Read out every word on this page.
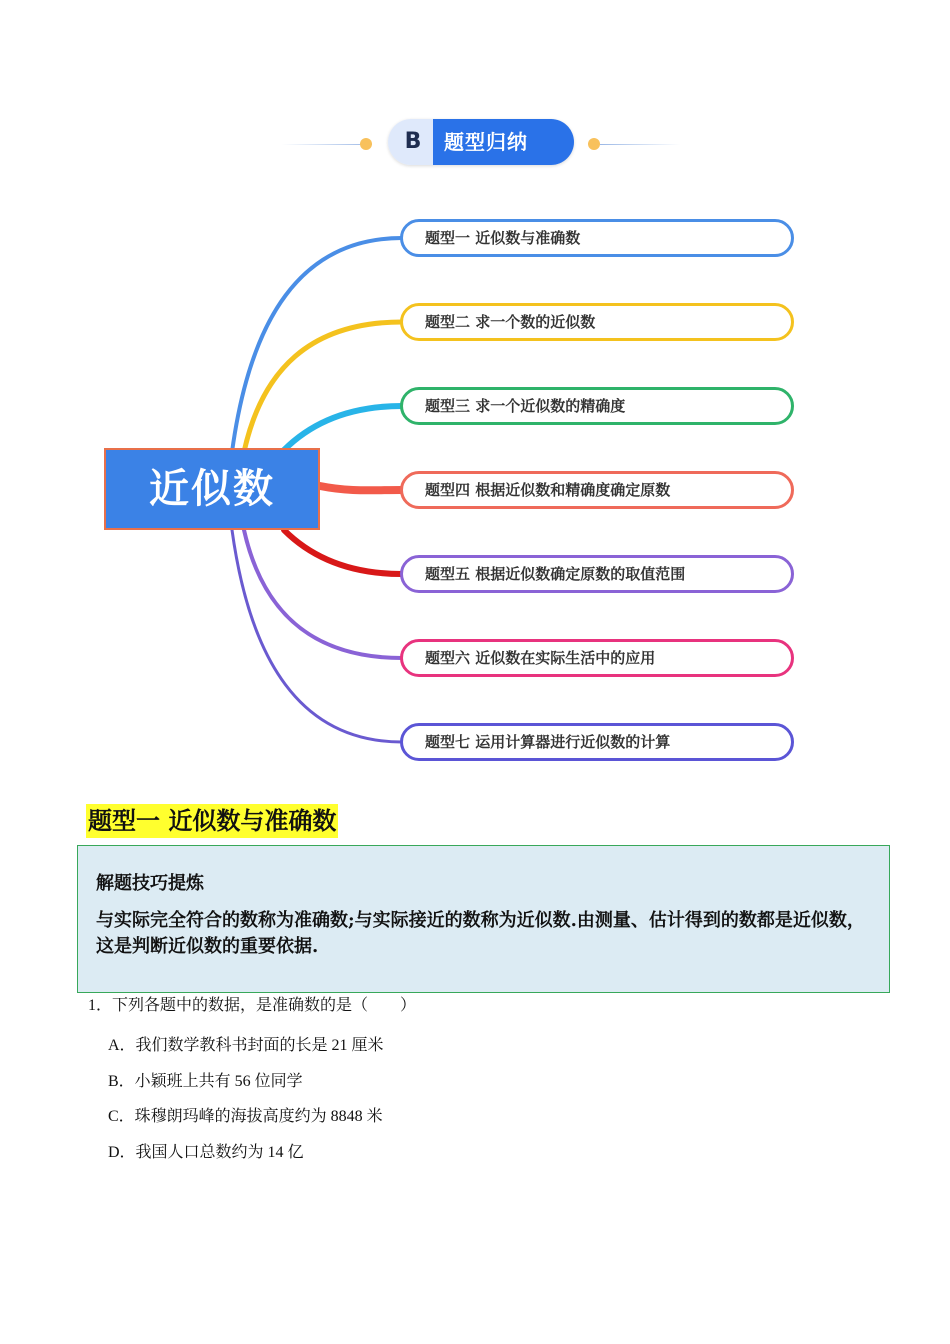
B	题型归纳
近似数
题型一 近似数与准确数
题型二 求一个数的近似数
题型三 求一个近似数的精确度
题型四 根据近似数和精确度确定原数
题型五 根据近似数确定原数的取值范围
题型六 近似数在实际生活中的应用
题型七 运用计算器进行近似数的计算
题型一 近似数与准确数
解题技巧提炼
与实际完全符合的数称为准确数;与实际接近的数称为近似数.由测量、估计得到的数都是近似数，这是判断近似数的重要依据.
1．下列各题中的数据，是准确数的是（　　）
A．我们数学教科书封面的长是 21 厘米
B．小颖班上共有 56 位同学
C．珠穆朗玛峰的海拔高度约为 8848 米
D．我国人口总数约为 14 亿
